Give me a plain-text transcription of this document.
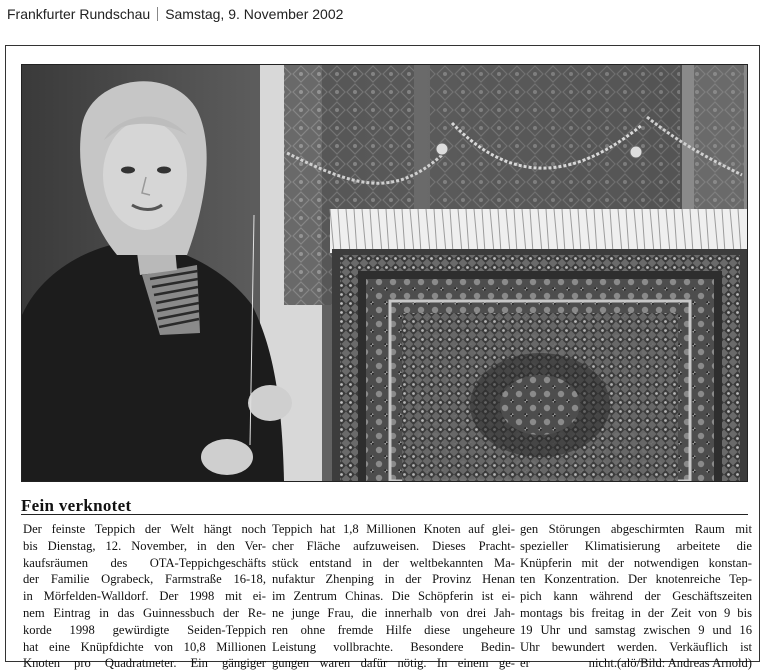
Frankfurter Rundschau Samstag, 9. November 2002
Fein verknotet
Der feinste Teppich der Welt hängt noch
bis Dienstag, 12. November, in den Ver-
kaufsräumen des OTA-Teppichgeschäfts
der Familie Ograbeck, Farmstraße 16-18,
in Mörfelden-Walldorf. Der 1998 mit ei-
nem Eintrag in das Guinnessbuch der Re-
korde 1998 gewürdigte Seiden-Teppich
hat eine Knüpfdichte von 10,8 Millionen
Knoten pro Quadratmeter. Ein gängiger
Teppich hat 1,8 Millionen Knoten auf glei-
cher Fläche aufzuweisen. Dieses Pracht-
stück entstand in der weltbekannten Ma-
nufaktur Zhenping in der Provinz Henan
im Zentrum Chinas. Die Schöpferin ist ei-
ne junge Frau, die innerhalb von drei Jah-
ren ohne fremde Hilfe diese ungeheure
Leistung vollbrachte. Besondere Bedin-
gungen waren dafür nötig. In einem ge-
gen Störungen abgeschirmten Raum mit
spezieller Klimatisierung arbeitete die
Knüpferin mit der notwendigen konstan-
ten Konzentration. Der knotenreiche Tep-
pich kann während der Geschäftszeiten
montags bis freitag in der Zeit von 9 bis
19 Uhr und samstag zwischen 9 und 16
Uhr bewundert werden. Verkäuflich ist
er nicht. (alö/Bild: Andreas Arnold)
